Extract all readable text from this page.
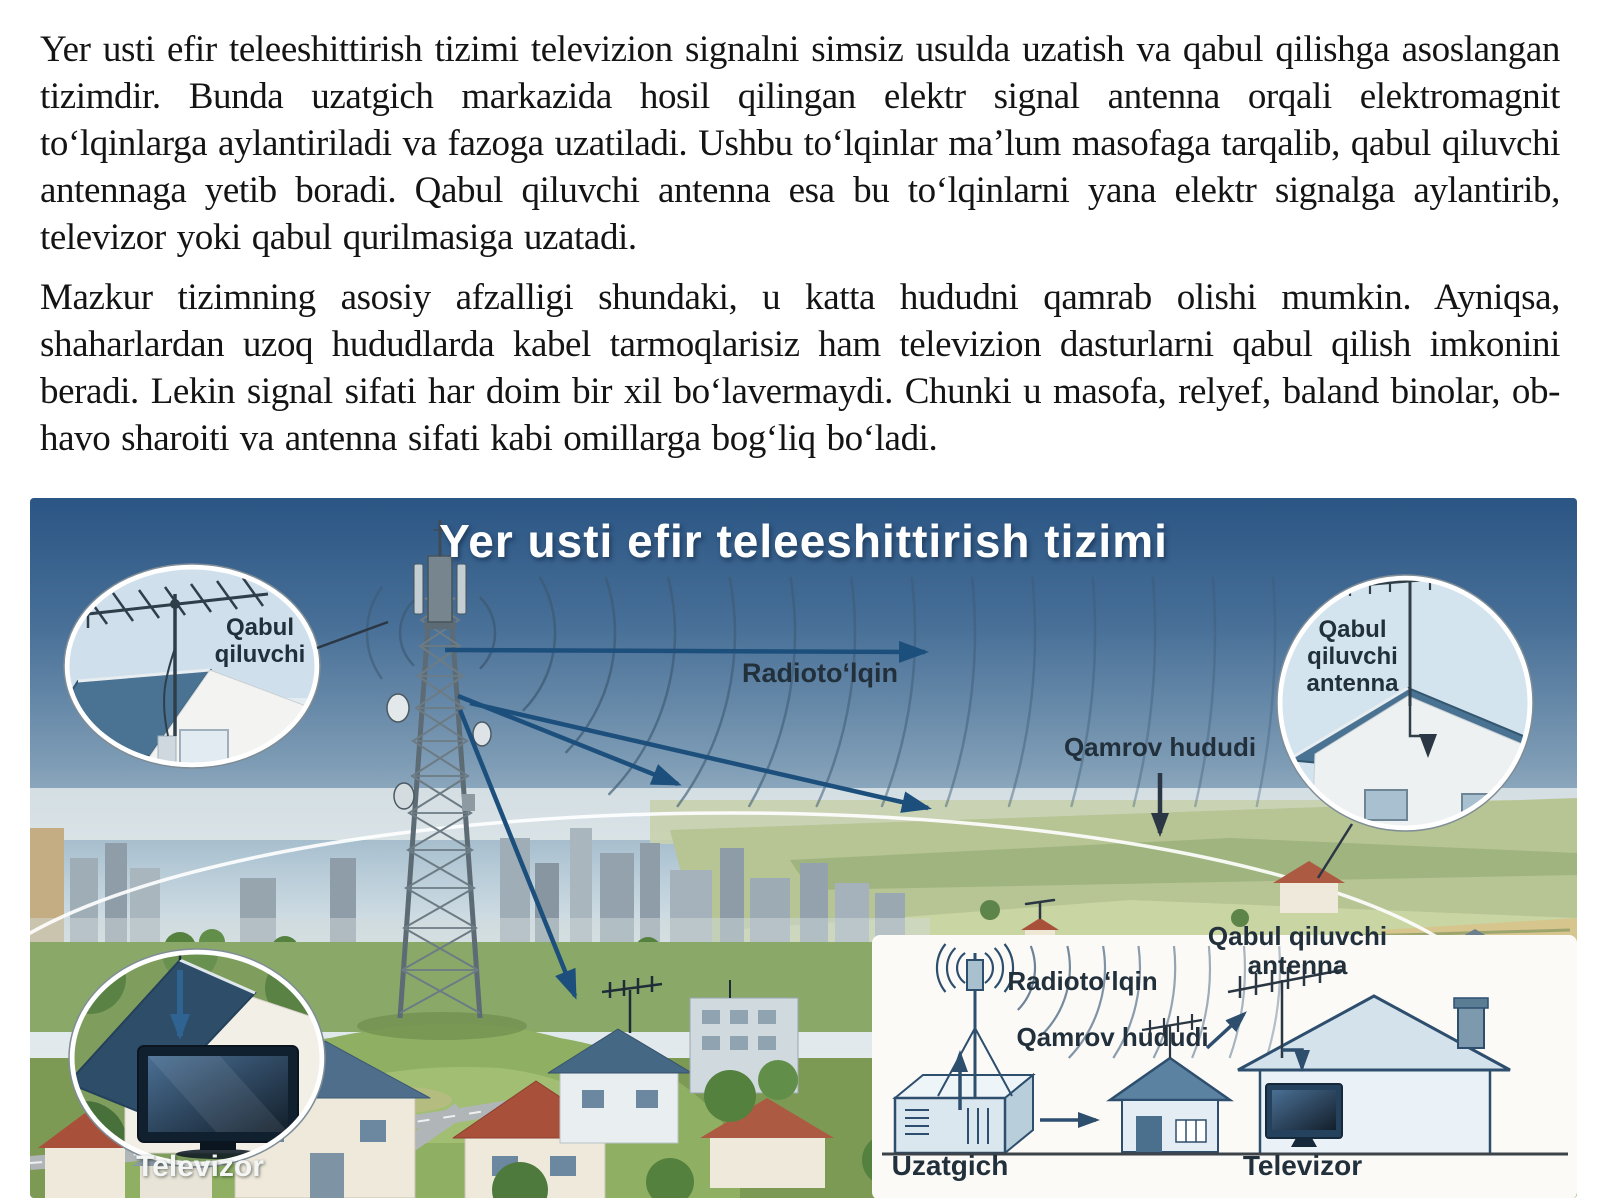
Yer usti efir teleeshittirish tizimi televizion signalni simsiz usulda uzatish va qabul qilishga asoslangan tizimdir. Bunda uzatgich markazida hosil qilingan elektr signal antenna orqali elektromagnit to‘lqinlarga aylantiriladi va fazoga uzatiladi. Ushbu to‘lqinlar ma’lum masofaga tarqalib, qabul qiluvchi antennaga yetib boradi. Qabul qiluvchi antenna esa bu to‘lqinlarni yana elektr signalga aylantirib, televizor yoki qabul qurilmasiga uzatadi.

Mazkur tizimning asosiy afzalligi shundaki, u katta hududni qamrab olishi mumkin. Ayniqsa, shaharlardan uzoq hududlarda kabel tarmoqlarisiz ham televizion dasturlarni qabul qilish imkonini beradi. Lekin signal sifati har doim bir xil bo‘lavermaydi. Chunki u masofa, relyef, baland binolar, ob-havo sharoiti va antenna sifati kabi omillarga bog‘liq bo‘ladi.

Yer usti efir teleeshittirish tizimi
Qabul
qiluvchi
Radioto‘lqin
Qamrov hududi
Qabul
qiluvchi
antenna
Televizor
Radioto‘lqin
Qamrov hududi
Qabul qiluvchi
antenna
Uzatgich	Televizor
